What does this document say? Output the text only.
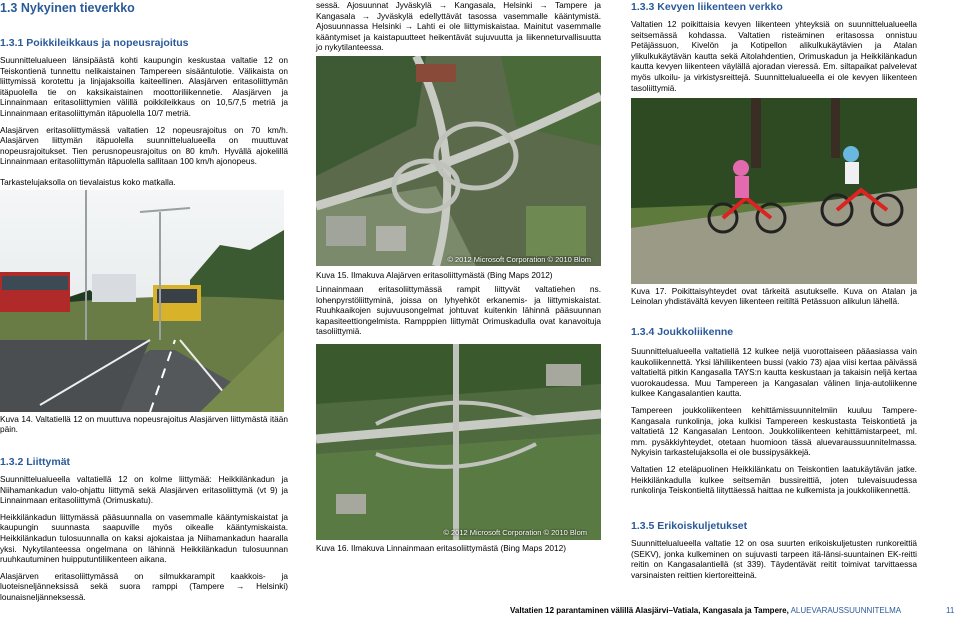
1.3 Nykyinen tieverkko
1.3.1 Poikkileikkaus ja nopeusrajoitus

Suunnittelualueen länsipäästä kohti kaupungin keskustaa valtatie 12 on Teiskontienä tunnettu nelikaistainen Tampereen sisääntulotie. Välikaista on liittymissä korotettu ja linjajaksoilla kaiteellinen. Alasjärven eritasoliittymän itäpuolella tie on kaksikaistainen moottoriliikennetie. Alasjärven ja Linnainmaan eritasoliittymien välillä poikkileikkaus on 10,5/7,5 metriä ja Linnainmaan eritasoliittymän itäpuolella 10/7 metriä.

Alasjärven eritasoliittymässä valtatien 12 nopeusrajoitus on 70 km/h. Alasjärven liittymän itäpuolella suunnittelualueella on muuttuvat nopeusrajoitukset. Tien perusnopeusrajoitus on 80 km/h. Hyvällä ajokelillä Linnainmaan eritasoliittymän itäpuolella sallitaan 100 km/h ajonopeus.

Tarkastelujaksolla on tievalaistus koko matkalla.

Kuva 14. Valtatiellä 12 on muuttuva nopeusrajoitus Alasjärven liittymästä itään päin.

1.3.2 Liittymät

Suunnittelualueella valtatiellä 12 on kolme liittymää: Heikkilänkadun ja Niihamankadun valo-ohjattu liittymä sekä Alasjärven eritasoliittymä (vt 9) ja Linnainmaan eritasoliittymä (Orimuskatu).

Heikkilänkadun liittymässä pääsuunnalla on vasemmalle kääntymiskaistat ja kaupungin suunnasta saapuville myös oikealle kääntymiskaista. Heikkilänkadun tulosuunnalla on kaksi ajokaistaa ja Niihamankadun haaralla yksi. Nykytilanteessa ongelmana on lähinnä Heikkilänkadun tulosuunnan ruuhkautuminen huipputuntiliikenteen aikana.

Alasjärven eritasoliittymässä on silmukkarampit kaakkois- ja luoteisneljänneksissä sekä suora ramppi (Tampere → Helsinki) lounaisneljänneksessä.

sessä. Ajosuunnat Jyväskylä → Kangasala, Helsinki → Tampere ja Kangasala → Jyväskylä edellyttävät tasossa vasemmalle kääntymistä. Ajosuunnassa Helsinki → Lahti ei ole liittymiskaistaa. Mainitut vasemmalle kääntymiset ja kaistapuutteet heikentävät sujuvuutta ja liikenneturvallisuutta jo nykytilanteessa.

© 2012 Microsoft Corporation © 2010 Blom

Kuva 15. Ilmakuva Alajärven eritasoliittymästä (Bing Maps 2012)

Linnainmaan eritasoliittymässä rampit liittyvät valtatiehen ns. lohenpyrstöliittyminä, joissa on lyhyehköt erkanemis- ja liittymiskaistat. Ruuhkaaikojen sujuvuusongelmat johtuvat kuitenkin lähinnä pääsuunnan kapasiteettiongelmista. Rampppien liittymät Orimuskadulla ovat kanavoituja tasoliittymiä.

© 2012 Microsoft Corporation © 2010 Blom

Kuva 16. Ilmakuva Linnainmaan eritasoliittymästä (Bing Maps 2012)

1.3.3 Kevyen liikenteen verkko

Valtatien 12 poikittaisia kevyen liikenteen yhteyksiä on suunnittelualueella seitsemässä kohdassa. Valtatien risteäminen eritasossa onnistuu Petäjässuon, Kivelön ja Kotipellon alikulkukäytävien ja Atalan ylikulkukäytävän kautta sekä Aitolahdentien, Orimuskadun ja Heikkilänkadun kautta kevyen liikenteen väylällä ajoradan vieressä. Em. siltapaikat palvelevat myös ulkoilu- ja virkistysreittejä. Suunnittelualueella ei ole kevyen liikenteen tasoliittymiä.

Kuva 17. Poikittaisyhteydet ovat tärkeitä asutukselle. Kuva on Atalan ja Leinolan yhdistävältä kevyen liikenteen reitiltä Petässuon alikulun lähellä.

1.3.4 Joukkoliikenne

Suunnittelualueella valtatiellä 12 kulkee neljä vuorottaiseen pääasiassa vain kaukoliikennettä. Yksi lähiliikenteen bussi (vakio 73) ajaa viisi kertaa päivässä valtatieltä pitkin Kangasalla TAYS:n kautta keskustaan ja takaisin neljä kertaa vuorokaudessa. Muu Tampereen ja Kangasalan välinen linja-autoliikenne kulkee Kangasalantien kautta.

Tampereen joukkoliikenteen kehittämissuunnitelmiin kuuluu Tampere-Kangasala runkolinja, joka kulkisi Tampereen keskustasta Teiskontietä ja valtatietä 12 Kangasalan Lentoon. Joukkoliikenteen kehittämistarpeet, ml. mm. pysäkkiyhteydet, otetaan huomioon tässä aluevaraussuunnitelmassa. Nykyisin tarkastelujaksolla ei ole bussipysäkkejä.

Valtatien 12 eteläpuolinen Heikkilänkatu on Teiskontien laatukäytävän jatke. Heikkilänkadulla kulkee seitsemän bussireittiä, joten tulevaisuudessa runkolinja Teiskontieltä liityttäessä haittaa ne kulkemista ja joukkoliikennettä.

1.3.5 Erikoiskuljetukset

Suunnittelualueella valtatie 12 on osa suurten erikoiskuljetusten runkoreittiä (SEKV), jonka kulkeminen on sujuvasti tarpeen itä-länsi-suuntainen EK-reitti reitin on Kangasalantiellä (st 339). Täydentävät reitit toimivat tarvittaessa varsinaisten reittien kiertoreitteinä.

Valtatien 12 parantaminen välillä Alasjärvi–Vatiala, Kangasala ja Tampere, ALUEVARAUSSUUNNITELMA	11
